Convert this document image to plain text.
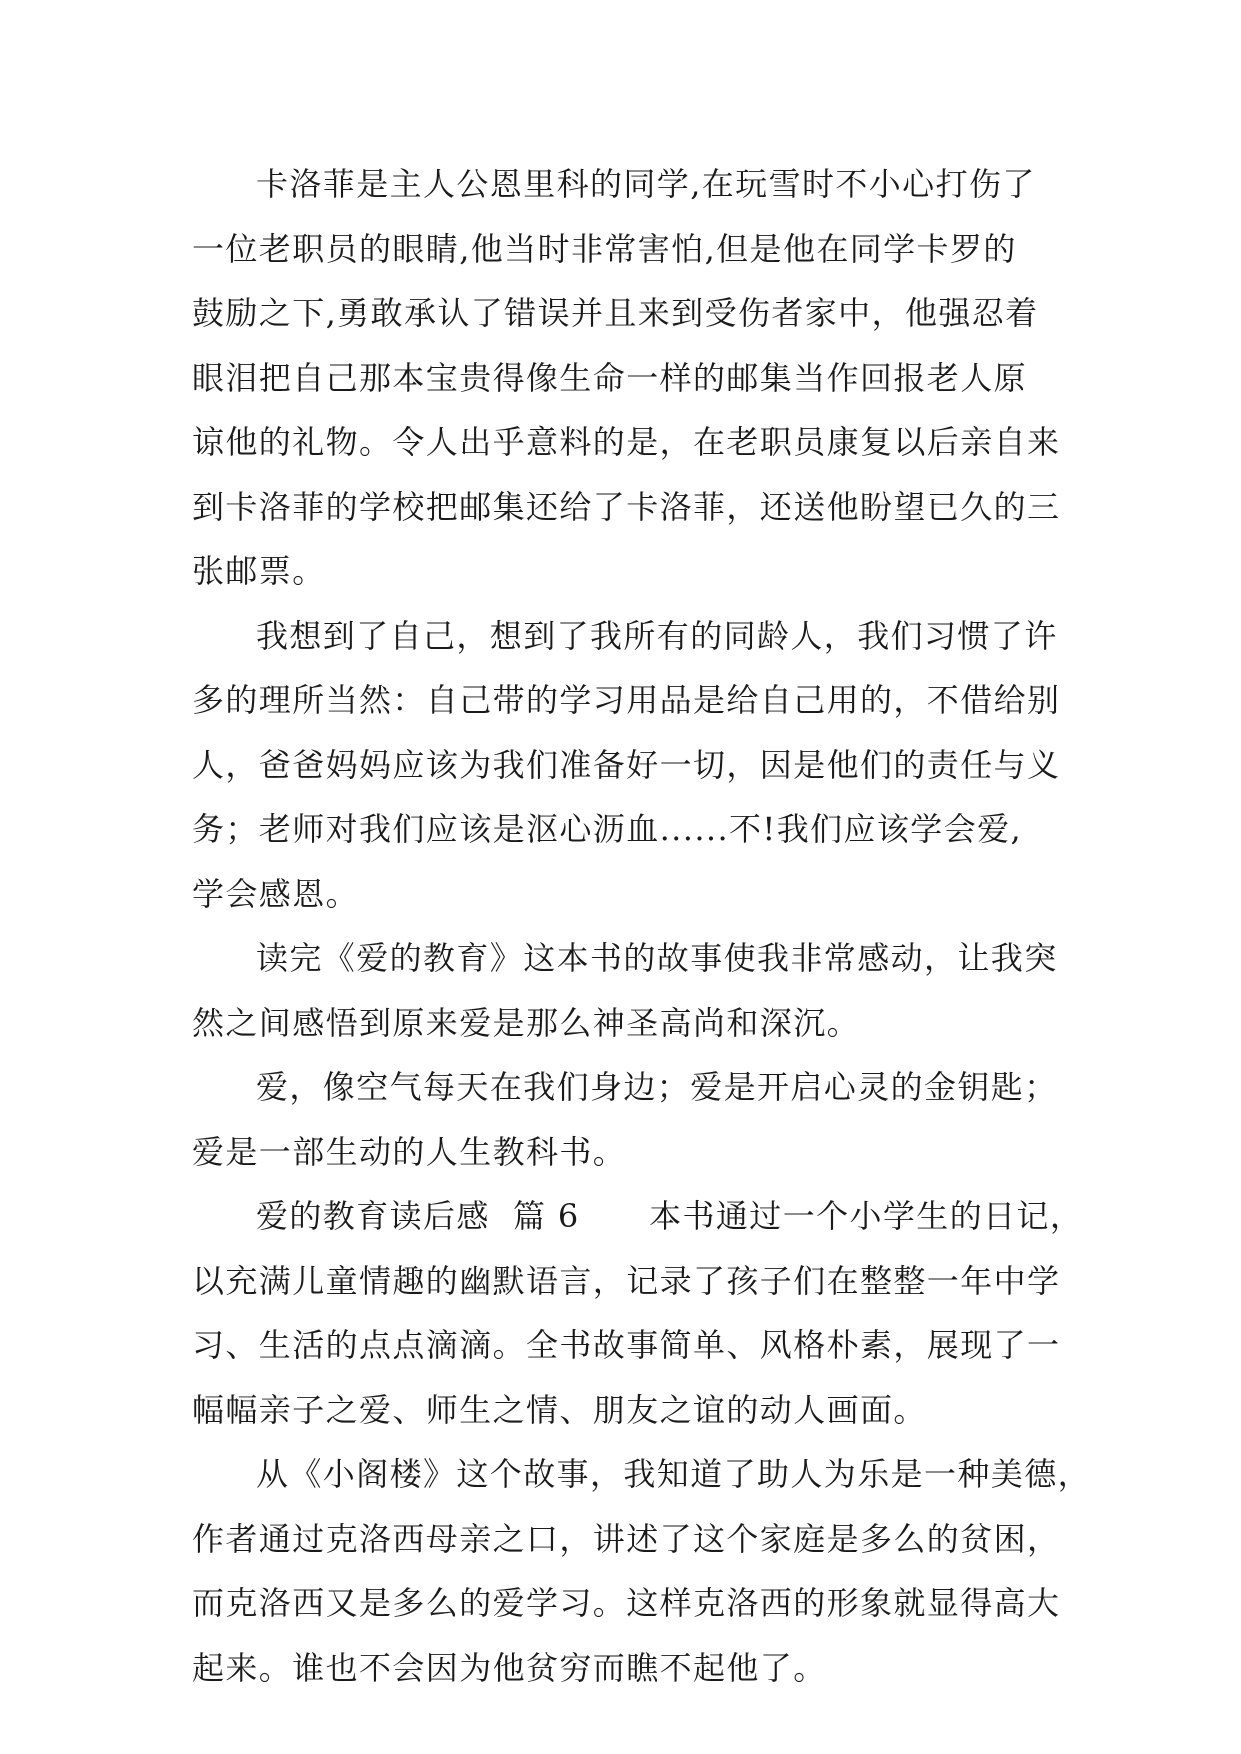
卡洛菲是主人公恩里科的同学,在玩雪时不小心打伤了
一位老职员的眼睛,他当时非常害怕,但是他在同学卡罗的
鼓励之下,勇敢承认了错误并且来到受伤者家中，他强忍着
眼泪把自己那本宝贵得像生命一样的邮集当作回报老人原
谅他的礼物。令人出乎意料的是，在老职员康复以后亲自来
到卡洛菲的学校把邮集还给了卡洛菲，还送他盼望已久的三
张邮票。
我想到了自己，想到了我所有的同龄人，我们习惯了许
多的理所当然：自己带的学习用品是给自己用的，不借给别
人，爸爸妈妈应该为我们准备好一切，因是他们的责任与义
务；老师对我们应该是沤心沥血......不!我们应该学会爱,
学会感恩。
读完《爱的教育》这本书的故事使我非常感动，让我突
然之间感悟到原来爱是那么神圣高尚和深沉。
爱，像空气每天在我们身边；爱是开启心灵的金钥匙；
爱是一部生动的人生教科书。
爱的教育读后感  篇 6      本书通过一个小学生的日记，
以充满儿童情趣的幽默语言，记录了孩子们在整整一年中学
习、生活的点点滴滴。全书故事简单、风格朴素，展现了一
幅幅亲子之爱、师生之情、朋友之谊的动人画面。
从《小阁楼》这个故事，我知道了助人为乐是一种美德，
作者通过克洛西母亲之口，讲述了这个家庭是多么的贫困，
而克洛西又是多么的爱学习。这样克洛西的形象就显得高大
起来。谁也不会因为他贫穷而瞧不起他了。
